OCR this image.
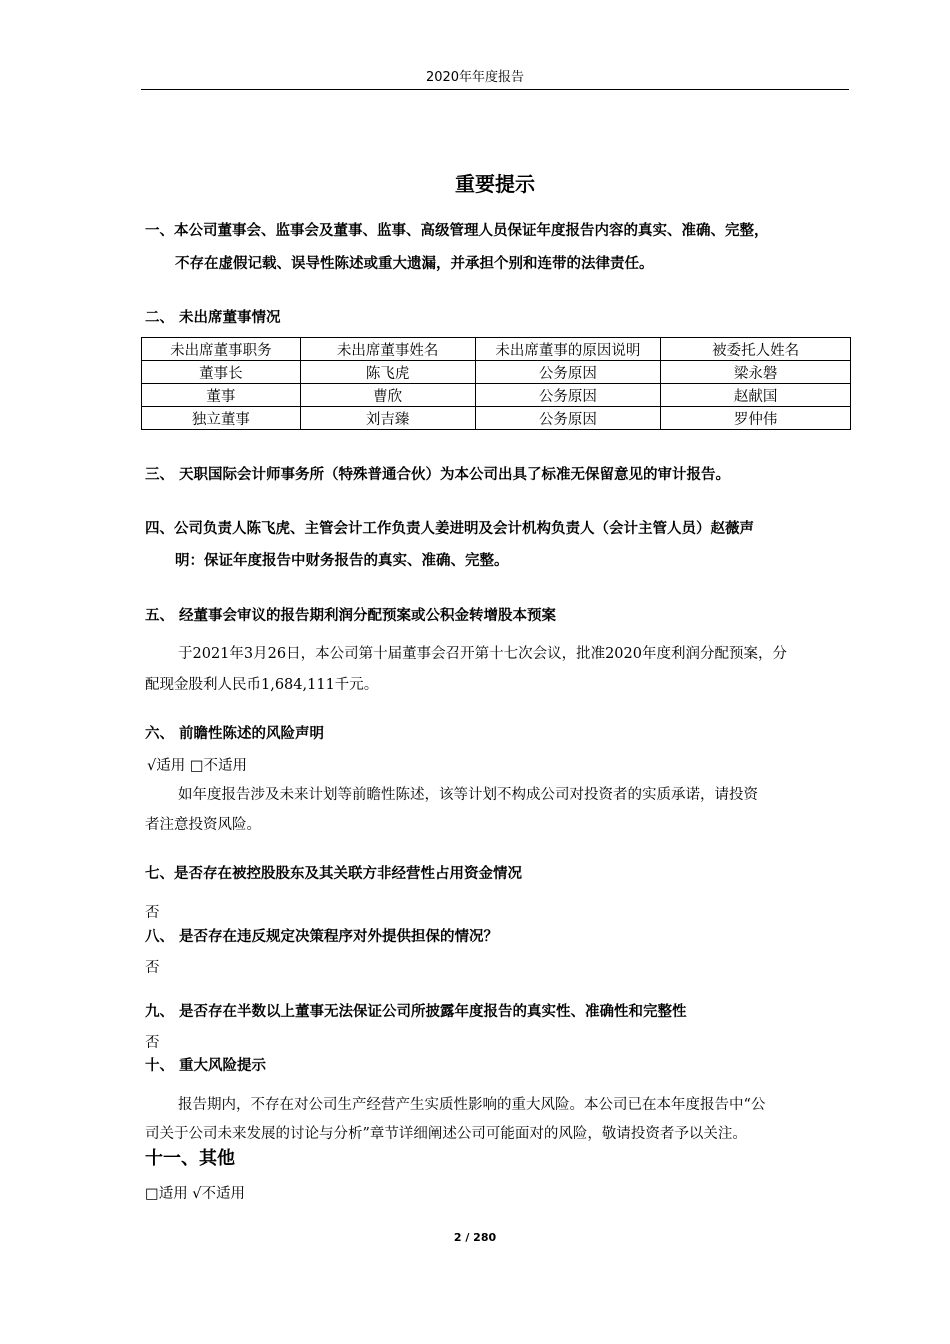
2020年年度报告
重要提示
一、本公司董事会、监事会及董事、监事、高级管理人员保证年度报告内容的真实、准确、完整，
不存在虚假记载、误导性陈述或重大遗漏，并承担个别和连带的法律责任。
二、 未出席董事情况
未出席董事职务	未出席董事姓名	未出席董事的原因说明	被委托人姓名
董事长	陈飞虎	公务原因	梁永磐
董事	曹欣	公务原因	赵献国
独立董事	刘吉臻	公务原因	罗仲伟
三、 天职国际会计师事务所（特殊普通合伙）为本公司出具了标准无保留意见的审计报告。
四、公司负责人陈飞虎、主管会计工作负责人姜进明及会计机构负责人（会计主管人员）赵薇声
明：保证年度报告中财务报告的真实、准确、完整。
五、 经董事会审议的报告期利润分配预案或公积金转增股本预案
于2021年3月26日，本公司第十届董事会召开第十七次会议，批准2020年度利润分配预案，分
配现金股利人民币1,684,111千元。
六、 前瞻性陈述的风险声明
√适用 □不适用
如年度报告涉及未来计划等前瞻性陈述，该等计划不构成公司对投资者的实质承诺，请投资
者注意投资风险。
七、是否存在被控股股东及其关联方非经营性占用资金情况
否
八、 是否存在违反规定决策程序对外提供担保的情况？
否
九、 是否存在半数以上董事无法保证公司所披露年度报告的真实性、准确性和完整性
否
十、 重大风险提示
报告期内，不存在对公司生产经营产生实质性影响的重大风险。本公司已在本年度报告中“公
司关于公司未来发展的讨论与分析”章节详细阐述公司可能面对的风险，敬请投资者予以关注。
十一、其他
□适用 √不适用
2 / 280
